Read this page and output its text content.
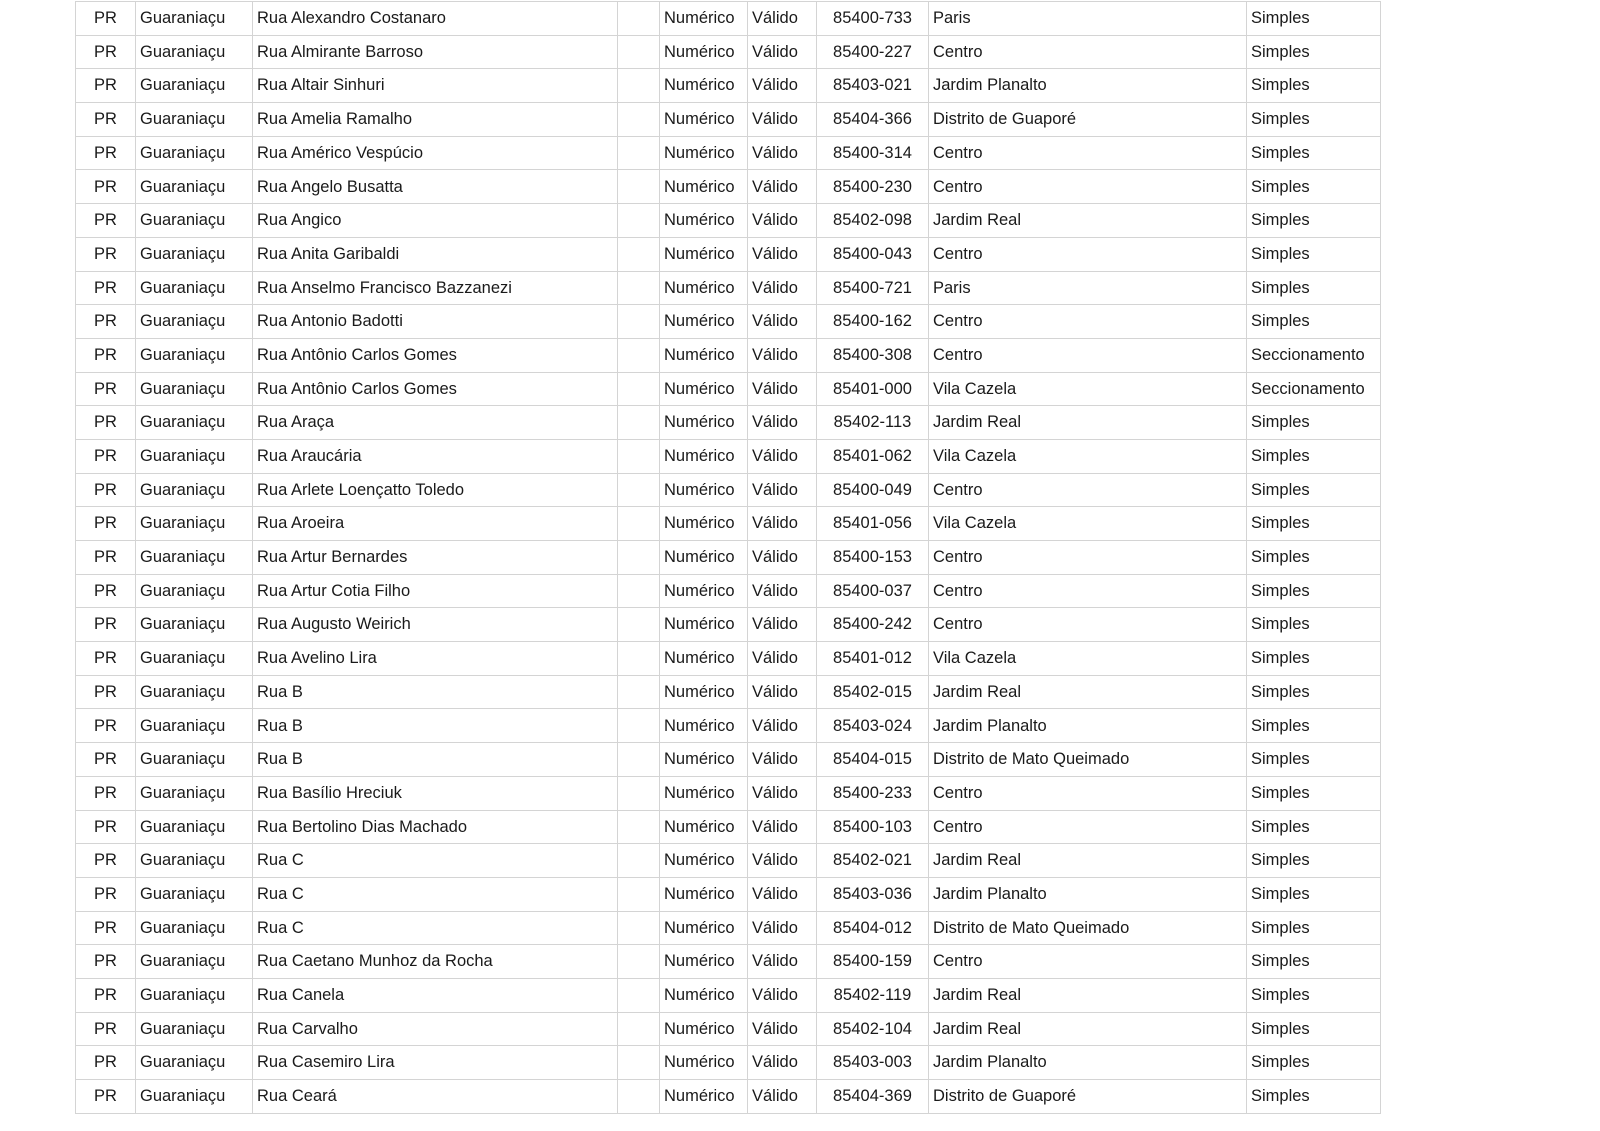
PR	Guaraniaçu	Rua Alexandro Costanaro		Numérico	Válido	85400-733	Paris	Simples
PR	Guaraniaçu	Rua Almirante Barroso		Numérico	Válido	85400-227	Centro	Simples
PR	Guaraniaçu	Rua Altair Sinhuri		Numérico	Válido	85403-021	Jardim Planalto	Simples
PR	Guaraniaçu	Rua Amelia Ramalho		Numérico	Válido	85404-366	Distrito de Guaporé	Simples
PR	Guaraniaçu	Rua Américo Vespúcio		Numérico	Válido	85400-314	Centro	Simples
PR	Guaraniaçu	Rua Angelo Busatta		Numérico	Válido	85400-230	Centro	Simples
PR	Guaraniaçu	Rua Angico		Numérico	Válido	85402-098	Jardim Real	Simples
PR	Guaraniaçu	Rua Anita Garibaldi		Numérico	Válido	85400-043	Centro	Simples
PR	Guaraniaçu	Rua Anselmo Francisco Bazzanezi		Numérico	Válido	85400-721	Paris	Simples
PR	Guaraniaçu	Rua Antonio Badotti		Numérico	Válido	85400-162	Centro	Simples
PR	Guaraniaçu	Rua Antônio Carlos Gomes		Numérico	Válido	85400-308	Centro	Seccionamento
PR	Guaraniaçu	Rua Antônio Carlos Gomes		Numérico	Válido	85401-000	Vila Cazela	Seccionamento
PR	Guaraniaçu	Rua Araça		Numérico	Válido	85402-113	Jardim Real	Simples
PR	Guaraniaçu	Rua Araucária		Numérico	Válido	85401-062	Vila Cazela	Simples
PR	Guaraniaçu	Rua Arlete Loençatto Toledo		Numérico	Válido	85400-049	Centro	Simples
PR	Guaraniaçu	Rua Aroeira		Numérico	Válido	85401-056	Vila Cazela	Simples
PR	Guaraniaçu	Rua Artur Bernardes		Numérico	Válido	85400-153	Centro	Simples
PR	Guaraniaçu	Rua Artur Cotia Filho		Numérico	Válido	85400-037	Centro	Simples
PR	Guaraniaçu	Rua Augusto Weirich		Numérico	Válido	85400-242	Centro	Simples
PR	Guaraniaçu	Rua Avelino Lira		Numérico	Válido	85401-012	Vila Cazela	Simples
PR	Guaraniaçu	Rua B		Numérico	Válido	85402-015	Jardim Real	Simples
PR	Guaraniaçu	Rua B		Numérico	Válido	85403-024	Jardim Planalto	Simples
PR	Guaraniaçu	Rua B		Numérico	Válido	85404-015	Distrito de Mato Queimado	Simples
PR	Guaraniaçu	Rua Basílio Hreciuk		Numérico	Válido	85400-233	Centro	Simples
PR	Guaraniaçu	Rua Bertolino Dias Machado		Numérico	Válido	85400-103	Centro	Simples
PR	Guaraniaçu	Rua C		Numérico	Válido	85402-021	Jardim Real	Simples
PR	Guaraniaçu	Rua C		Numérico	Válido	85403-036	Jardim Planalto	Simples
PR	Guaraniaçu	Rua C		Numérico	Válido	85404-012	Distrito de Mato Queimado	Simples
PR	Guaraniaçu	Rua Caetano Munhoz da Rocha		Numérico	Válido	85400-159	Centro	Simples
PR	Guaraniaçu	Rua Canela		Numérico	Válido	85402-119	Jardim Real	Simples
PR	Guaraniaçu	Rua Carvalho		Numérico	Válido	85402-104	Jardim Real	Simples
PR	Guaraniaçu	Rua Casemiro Lira		Numérico	Válido	85403-003	Jardim Planalto	Simples
PR	Guaraniaçu	Rua Ceará		Numérico	Válido	85404-369	Distrito de Guaporé	Simples
